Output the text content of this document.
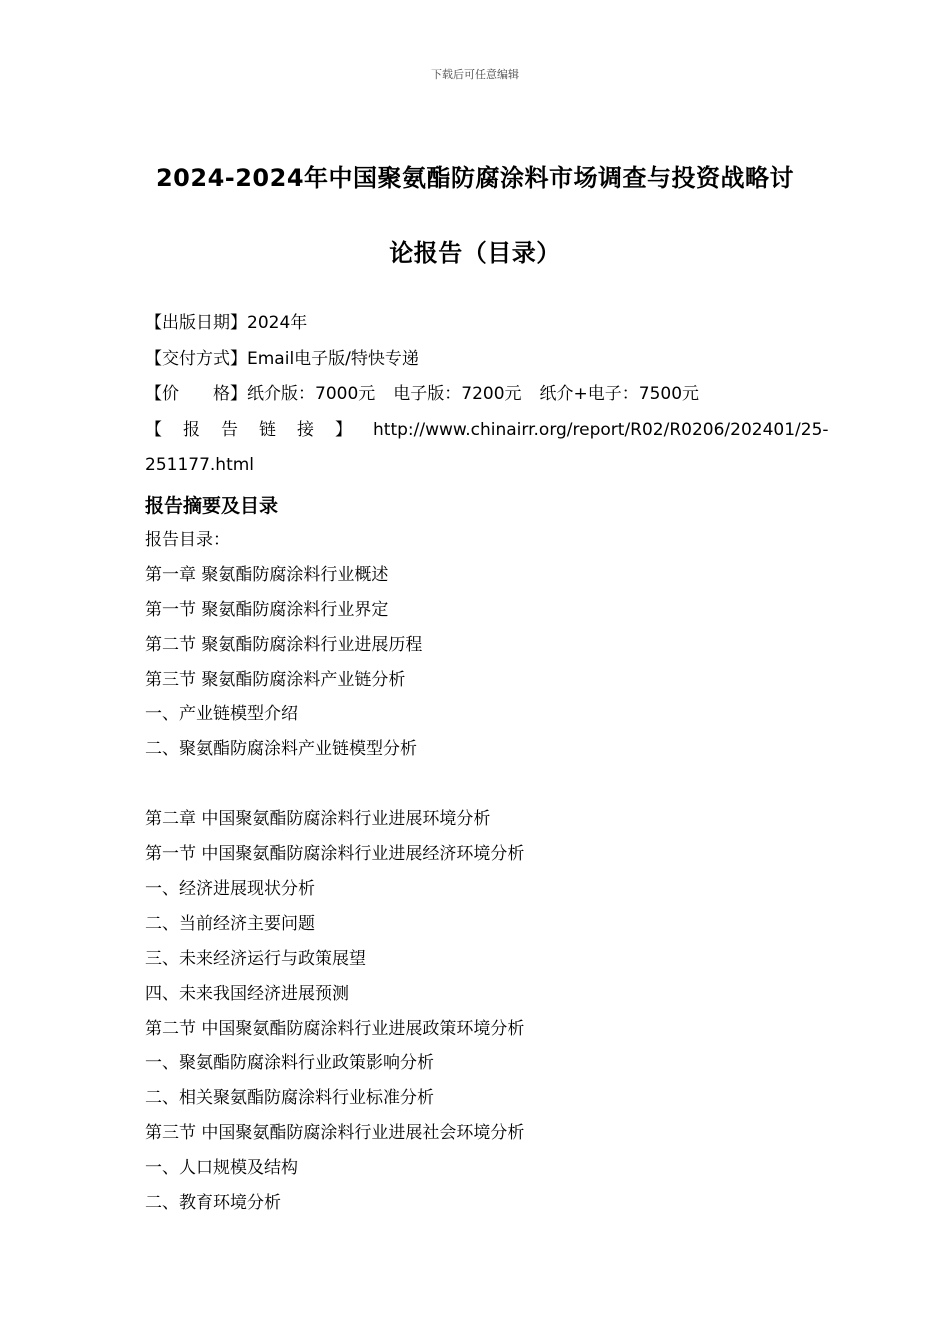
下载后可任意编辑
2024-2024年中国聚氨酯防腐涂料市场调查与投资战略讨
论报告（目录）
【出版日期】2024年
【交付方式】Email电子版/特快专递
【价　　格】纸介版：7000元 电子版：7200元 纸介+电子：7500元
【报告链接】 http://www.chinairr.org/report/R02/R0206/202401/25-
251177.html
报告摘要及目录
报告目录：
第一章 聚氨酯防腐涂料行业概述
第一节 聚氨酯防腐涂料行业界定
第二节 聚氨酯防腐涂料行业进展历程
第三节 聚氨酯防腐涂料产业链分析
一、产业链模型介绍
二、聚氨酯防腐涂料产业链模型分析
第二章 中国聚氨酯防腐涂料行业进展环境分析
第一节 中国聚氨酯防腐涂料行业进展经济环境分析
一、经济进展现状分析
二、当前经济主要问题
三、未来经济运行与政策展望
四、未来我国经济进展预测
第二节 中国聚氨酯防腐涂料行业进展政策环境分析
一、聚氨酯防腐涂料行业政策影响分析
二、相关聚氨酯防腐涂料行业标准分析
第三节 中国聚氨酯防腐涂料行业进展社会环境分析
一、人口规模及结构
二、教育环境分析
